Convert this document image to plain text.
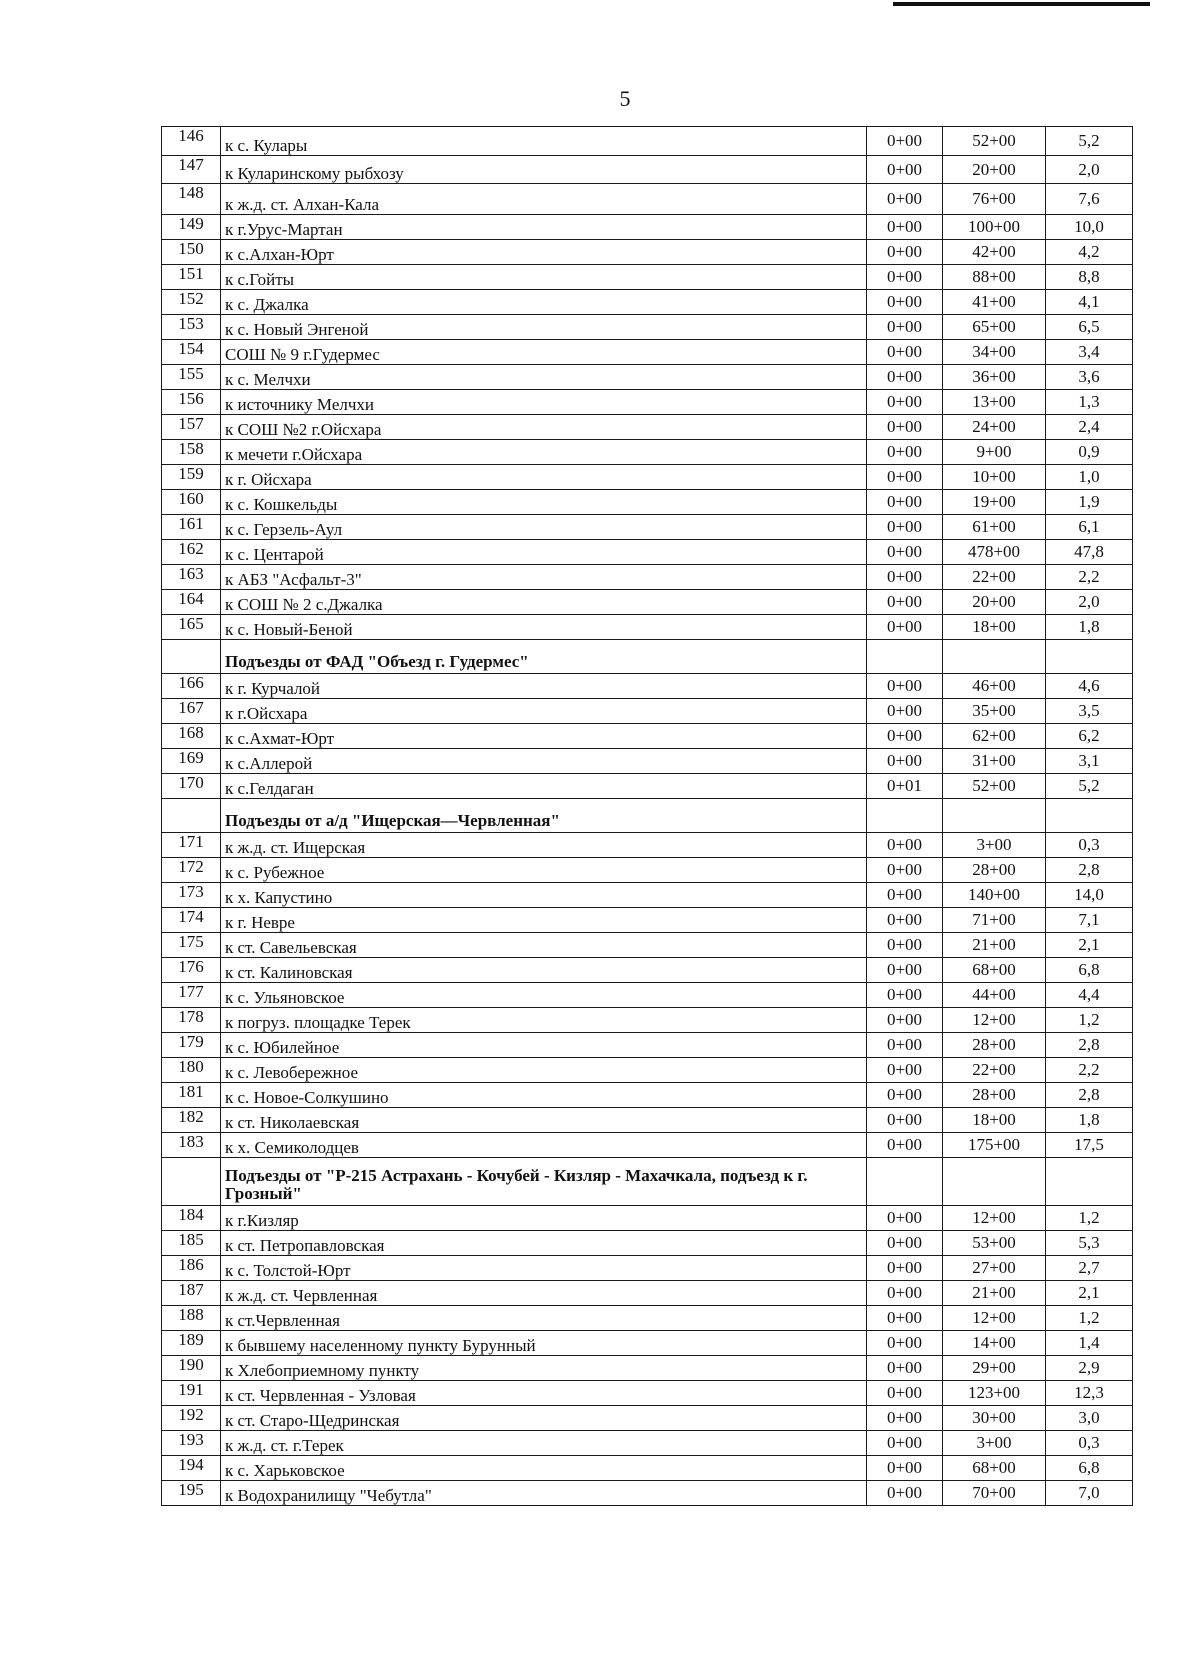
5
146	к с. Кулары	0+00	52+00	5,2
147	к Куларинскому рыбхозу	0+00	20+00	2,0
148	к ж.д. ст. Алхан-Кала	0+00	76+00	7,6
149	к г.Урус-Мартан	0+00	100+00	10,0
150	к с.Алхан-Юрт	0+00	42+00	4,2
151	к с.Гойты	0+00	88+00	8,8
152	к с. Джалка	0+00	41+00	4,1
153	к с. Новый Энгеной	0+00	65+00	6,5
154	СОШ № 9 г.Гудермес	0+00	34+00	3,4
155	к с. Мелчхи	0+00	36+00	3,6
156	к источнику Мелчхи	0+00	13+00	1,3
157	к СОШ №2 г.Ойсхара	0+00	24+00	2,4
158	к мечети г.Ойсхара	0+00	9+00	0,9
159	к г. Ойсхара	0+00	10+00	1,0
160	к с. Кошкельды	0+00	19+00	1,9
161	к с. Герзель-Аул	0+00	61+00	6,1
162	к с. Центарой	0+00	478+00	47,8
163	к АБЗ "Асфальт-3"	0+00	22+00	2,2
164	к СОШ № 2 с.Джалка	0+00	20+00	2,0
165	к с. Новый-Беной	0+00	18+00	1,8
	Подъезды от ФАД "Объезд г. Гудермес"			
166	к г. Курчалой	0+00	46+00	4,6
167	к г.Ойсхара	0+00	35+00	3,5
168	к с.Ахмат-Юрт	0+00	62+00	6,2
169	к с.Аллерой	0+00	31+00	3,1
170	к с.Гелдаган	0+01	52+00	5,2
	Подъезды от а/д "Ищерская—Червленная"			
171	к ж.д. ст. Ищерская	0+00	3+00	0,3
172	к с. Рубежное	0+00	28+00	2,8
173	к х. Капустино	0+00	140+00	14,0
174	к г. Невре	0+00	71+00	7,1
175	к ст. Савельевская	0+00	21+00	2,1
176	к ст. Калиновская	0+00	68+00	6,8
177	к с. Ульяновское	0+00	44+00	4,4
178	к погруз. площадке Терек	0+00	12+00	1,2
179	к с. Юбилейное	0+00	28+00	2,8
180	к с. Левобережное	0+00	22+00	2,2
181	к с. Новое-Солкушино	0+00	28+00	2,8
182	к ст. Николаевская	0+00	18+00	1,8
183	к х. Семиколодцев	0+00	175+00	17,5
	Подъезды от "Р-215 Астрахань - Кочубей - Кизляр - Махачкала, подъезд к г. Грозный"			
184	к г.Кизляр	0+00	12+00	1,2
185	к ст. Петропавловская	0+00	53+00	5,3
186	к с. Толстой-Юрт	0+00	27+00	2,7
187	к ж.д. ст. Червленная	0+00	21+00	2,1
188	к ст.Червленная	0+00	12+00	1,2
189	к бывшему населенному пункту Бурунный	0+00	14+00	1,4
190	к Хлебоприемному пункту	0+00	29+00	2,9
191	к ст. Червленная - Узловая	0+00	123+00	12,3
192	к ст. Старо-Щедринская	0+00	30+00	3,0
193	к ж.д. ст. г.Терек	0+00	3+00	0,3
194	к с. Харьковское	0+00	68+00	6,8
195	к Водохранилищу "Чебутла"	0+00	70+00	7,0
